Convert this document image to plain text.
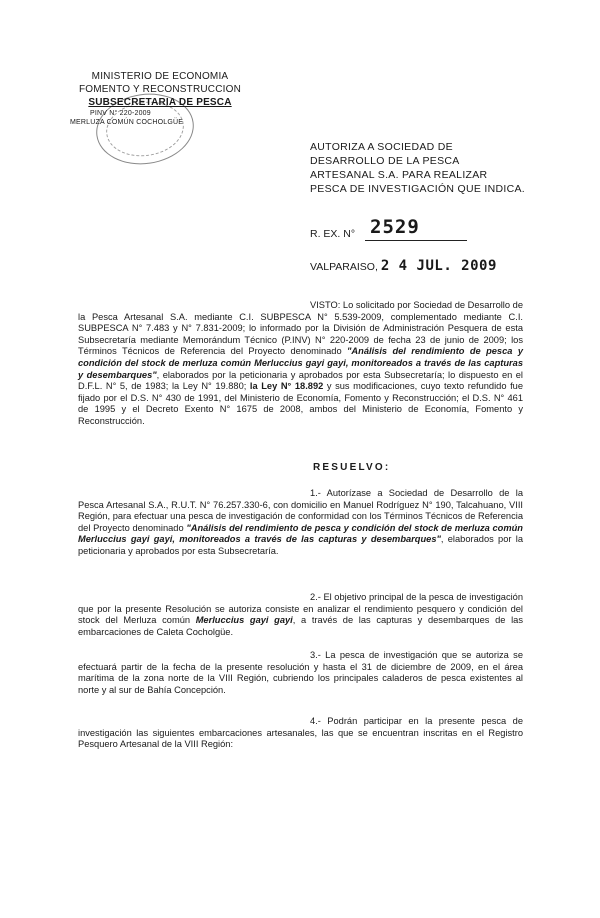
MINISTERIO DE ECONOMIA
FOMENTO Y RECONSTRUCCION
SUBSECRETARIA DE PESCA
PINV N° 220-2009
MERLUZA COMÚN COCHOLGÜE
AUTORIZA A SOCIEDAD DE DESARROLLO DE LA PESCA ARTESANAL S.A. PARA REALIZAR PESCA DE INVESTIGACIÓN QUE INDICA.
R. EX. N° 2529
VALPARAISO, 2 4 JUL. 2009
VISTO: Lo solicitado por Sociedad de Desarrollo de la Pesca Artesanal S.A. mediante C.I. SUBPESCA N° 5.539-2009, complementado mediante C.I. SUBPESCA N° 7.483 y N° 7.831-2009; lo informado por la División de Administración Pesquera de esta Subsecretaría mediante Memorándum Técnico (P.INV) N° 220-2009 de fecha 23 de junio de 2009; los Términos Técnicos de Referencia del Proyecto denominado "Análisis del rendimiento de pesca y condición del stock de merluza común Merluccius gayi gayi, monitoreados a través de las capturas y desembarques", elaborados por la peticionaria y aprobados por esta Subsecretaría; lo dispuesto en el D.F.L. N° 5, de 1983; la Ley N° 19.880; la Ley N° 18.892 y sus modificaciones, cuyo texto refundido fue fijado por el D.S. N° 430 de 1991, del Ministerio de Economía, Fomento y Reconstrucción; el D.S. N° 461 de 1995 y el Decreto Exento N° 1675 de 2008, ambos del Ministerio de Economía, Fomento y Reconstrucción.
RESUELVO:
1.- Autorízase a Sociedad de Desarrollo de la Pesca Artesanal S.A., R.U.T. N° 76.257.330-6, con domicilio en Manuel Rodríguez N° 190, Talcahuano, VIII Región, para efectuar una pesca de investigación de conformidad con los Términos Técnicos de Referencia del Proyecto denominado "Análisis del rendimiento de pesca y condición del stock de merluza común Merluccius gayi gayi, monitoreados a través de las capturas y desembarques", elaborados por la peticionaria y aprobados por esta Subsecretaría.
2.- El objetivo principal de la pesca de investigación que por la presente Resolución se autoriza consiste en analizar el rendimiento pesquero y condición del stock del Merluza común Merluccius gayi gayi, a través de las capturas y desembarques de las embarcaciones de Caleta Cocholgüe.
3.- La pesca de investigación que se autoriza se efectuará partir de la fecha de la presente resolución y hasta el 31 de diciembre de 2009, en el área marítima de la zona norte de la VIII Región, cubriendo los principales caladeros de pesca existentes al norte y al sur de Bahía Concepción.
4.- Podrán participar en la presente pesca de investigación las siguientes embarcaciones artesanales, las que se encuentran inscritas en el Registro Pesquero Artesanal de la VIII Región:
